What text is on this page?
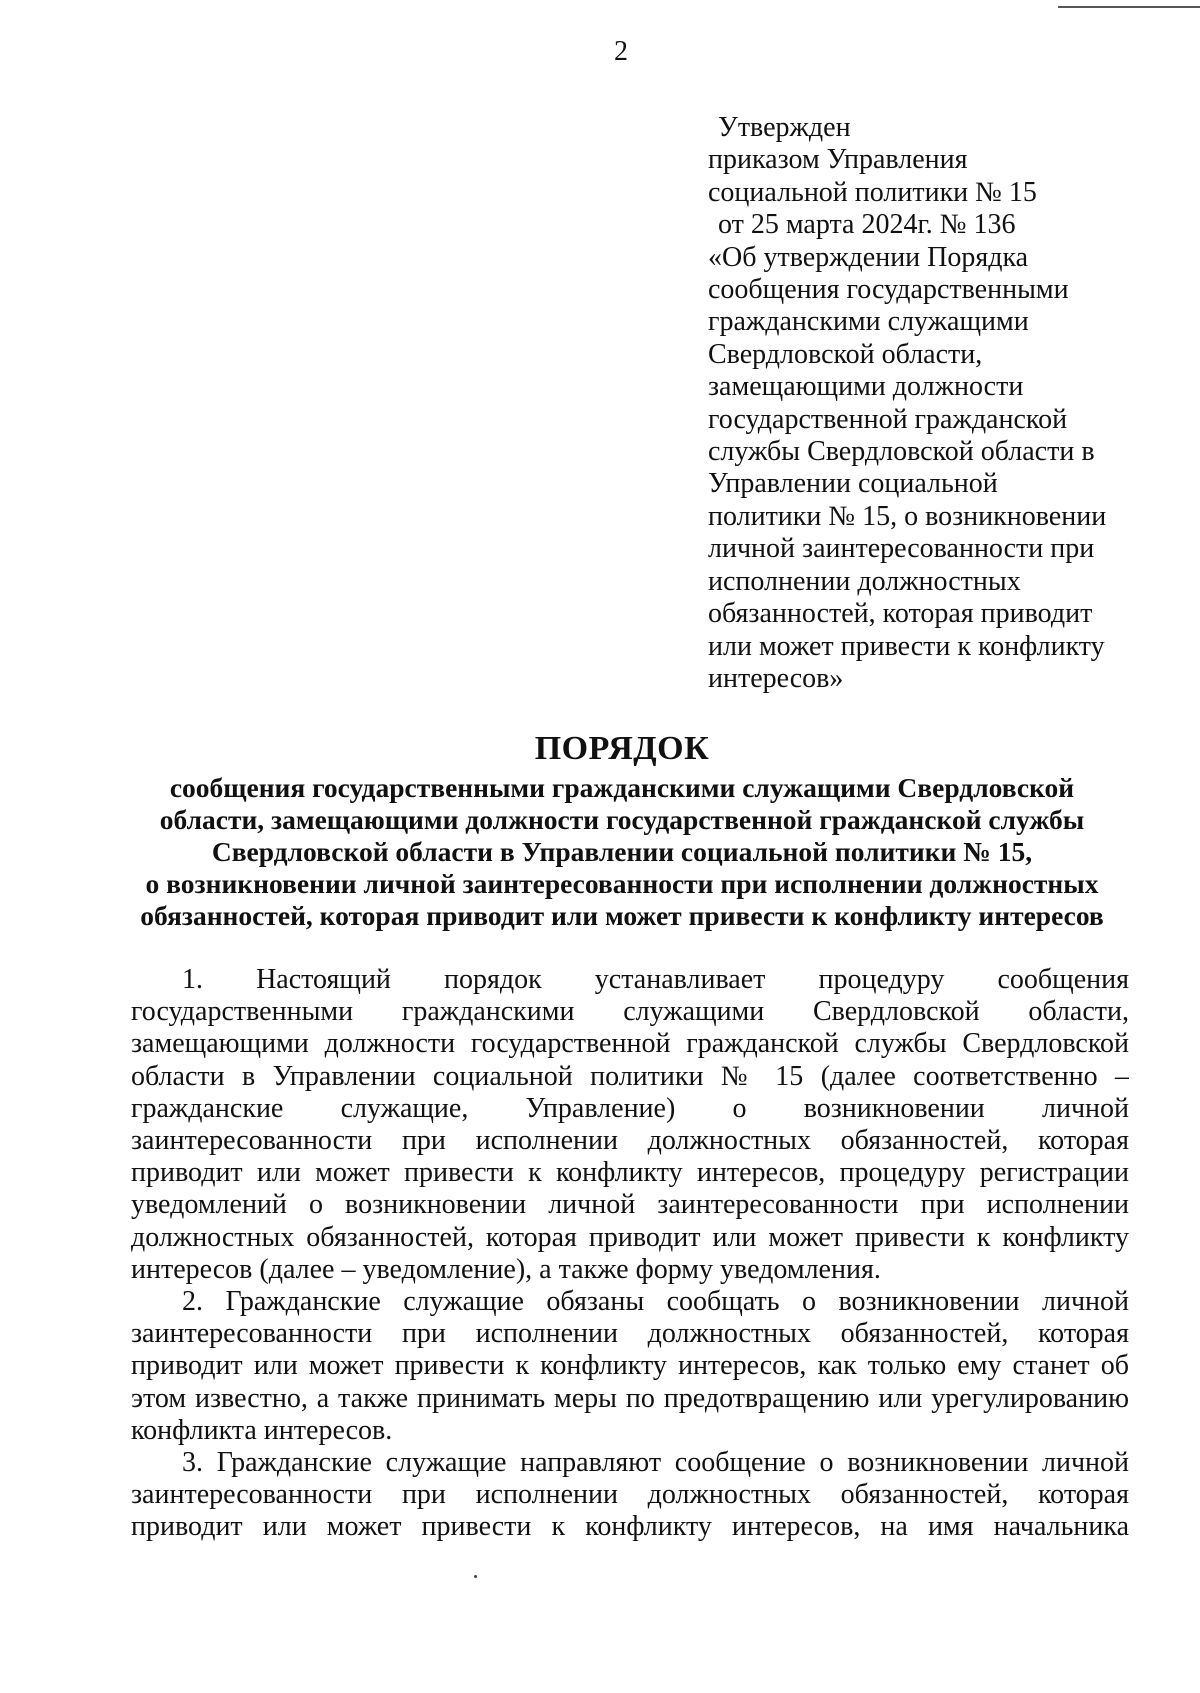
2
Утвержден
приказом Управления
социальной политики № 15
от 25 марта 2024г. № 136
«Об утверждении Порядка
сообщения государственными
гражданскими служащими
Свердловской области,
замещающими должности
государственной гражданской
службы Свердловской области в
Управлении социальной
политики № 15, о возникновении
личной заинтересованности при
исполнении должностных
обязанностей, которая приводит
или может привести к конфликту
интересов»
ПОРЯДОК
сообщения государственными гражданскими служащими Свердловской
области, замещающими должности государственной гражданской службы
Свердловской области в Управлении социальной политики № 15,
о возникновении личной заинтересованности при исполнении должностных
обязанностей, которая приводит или может привести к конфликту интересов
1. Настоящий порядок устанавливает процедуру сообщения
государственными гражданскими служащими Свердловской области,
замещающими должности государственной гражданской службы Свердловской
области в Управлении социальной политики № 15 (далее соответственно –
гражданские служащие, Управление) о возникновении личной
заинтересованности при исполнении должностных обязанностей, которая
приводит или может привести к конфликту интересов, процедуру регистрации
уведомлений о возникновении личной заинтересованности при исполнении
должностных обязанностей, которая приводит или может привести к конфликту
интересов (далее – уведомление), а также форму уведомления.
2. Гражданские служащие обязаны сообщать о возникновении личной
заинтересованности при исполнении должностных обязанностей, которая
приводит или может привести к конфликту интересов, как только ему станет об
этом известно, а также принимать меры по предотвращению или урегулированию
конфликта интересов.
3. Гражданские служащие направляют сообщение о возникновении личной
заинтересованности при исполнении должностных обязанностей, которая
приводит или может привести к конфликту интересов, на имя начальника
